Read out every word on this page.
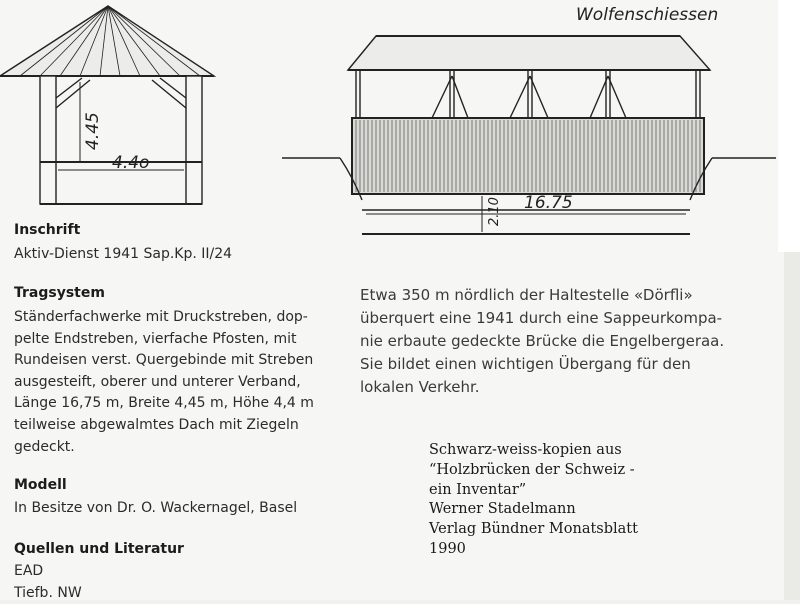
4.45
4.4o
Wolfenschiessen
2.10 16.75
Inschrift
Aktiv-Dienst 1941 Sap.Kp. II/24
Tragsystem
Ständerfachwerke mit Druckstreben, dop-
pelte Endstreben, vierfache Pfosten, mit
Rundeisen verst. Quergebinde mit Streben
ausgesteift, oberer und unterer Verband,
Länge 16,75 m, Breite 4,45 m, Höhe 4,4 m
teilweise abgewalmtes Dach mit Ziegeln
gedeckt.
Modell
In Besitze von Dr. O. Wackernagel, Basel
Quellen und Literatur
EAD
Tiefb. NW
Etwa 350 m nördlich der Haltestelle «Dörfli»
überquert eine 1941 durch eine Sappeurkompa-
nie erbaute gedeckte Brücke die Engelbergeraa.
Sie bildet einen wichtigen Übergang für den
lokalen Verkehr.
Schwarz-weiss-kopien aus
“Holzbrücken der Schweiz -
ein Inventar”
Werner Stadelmann
Verlag Bündner Monatsblatt
1990
